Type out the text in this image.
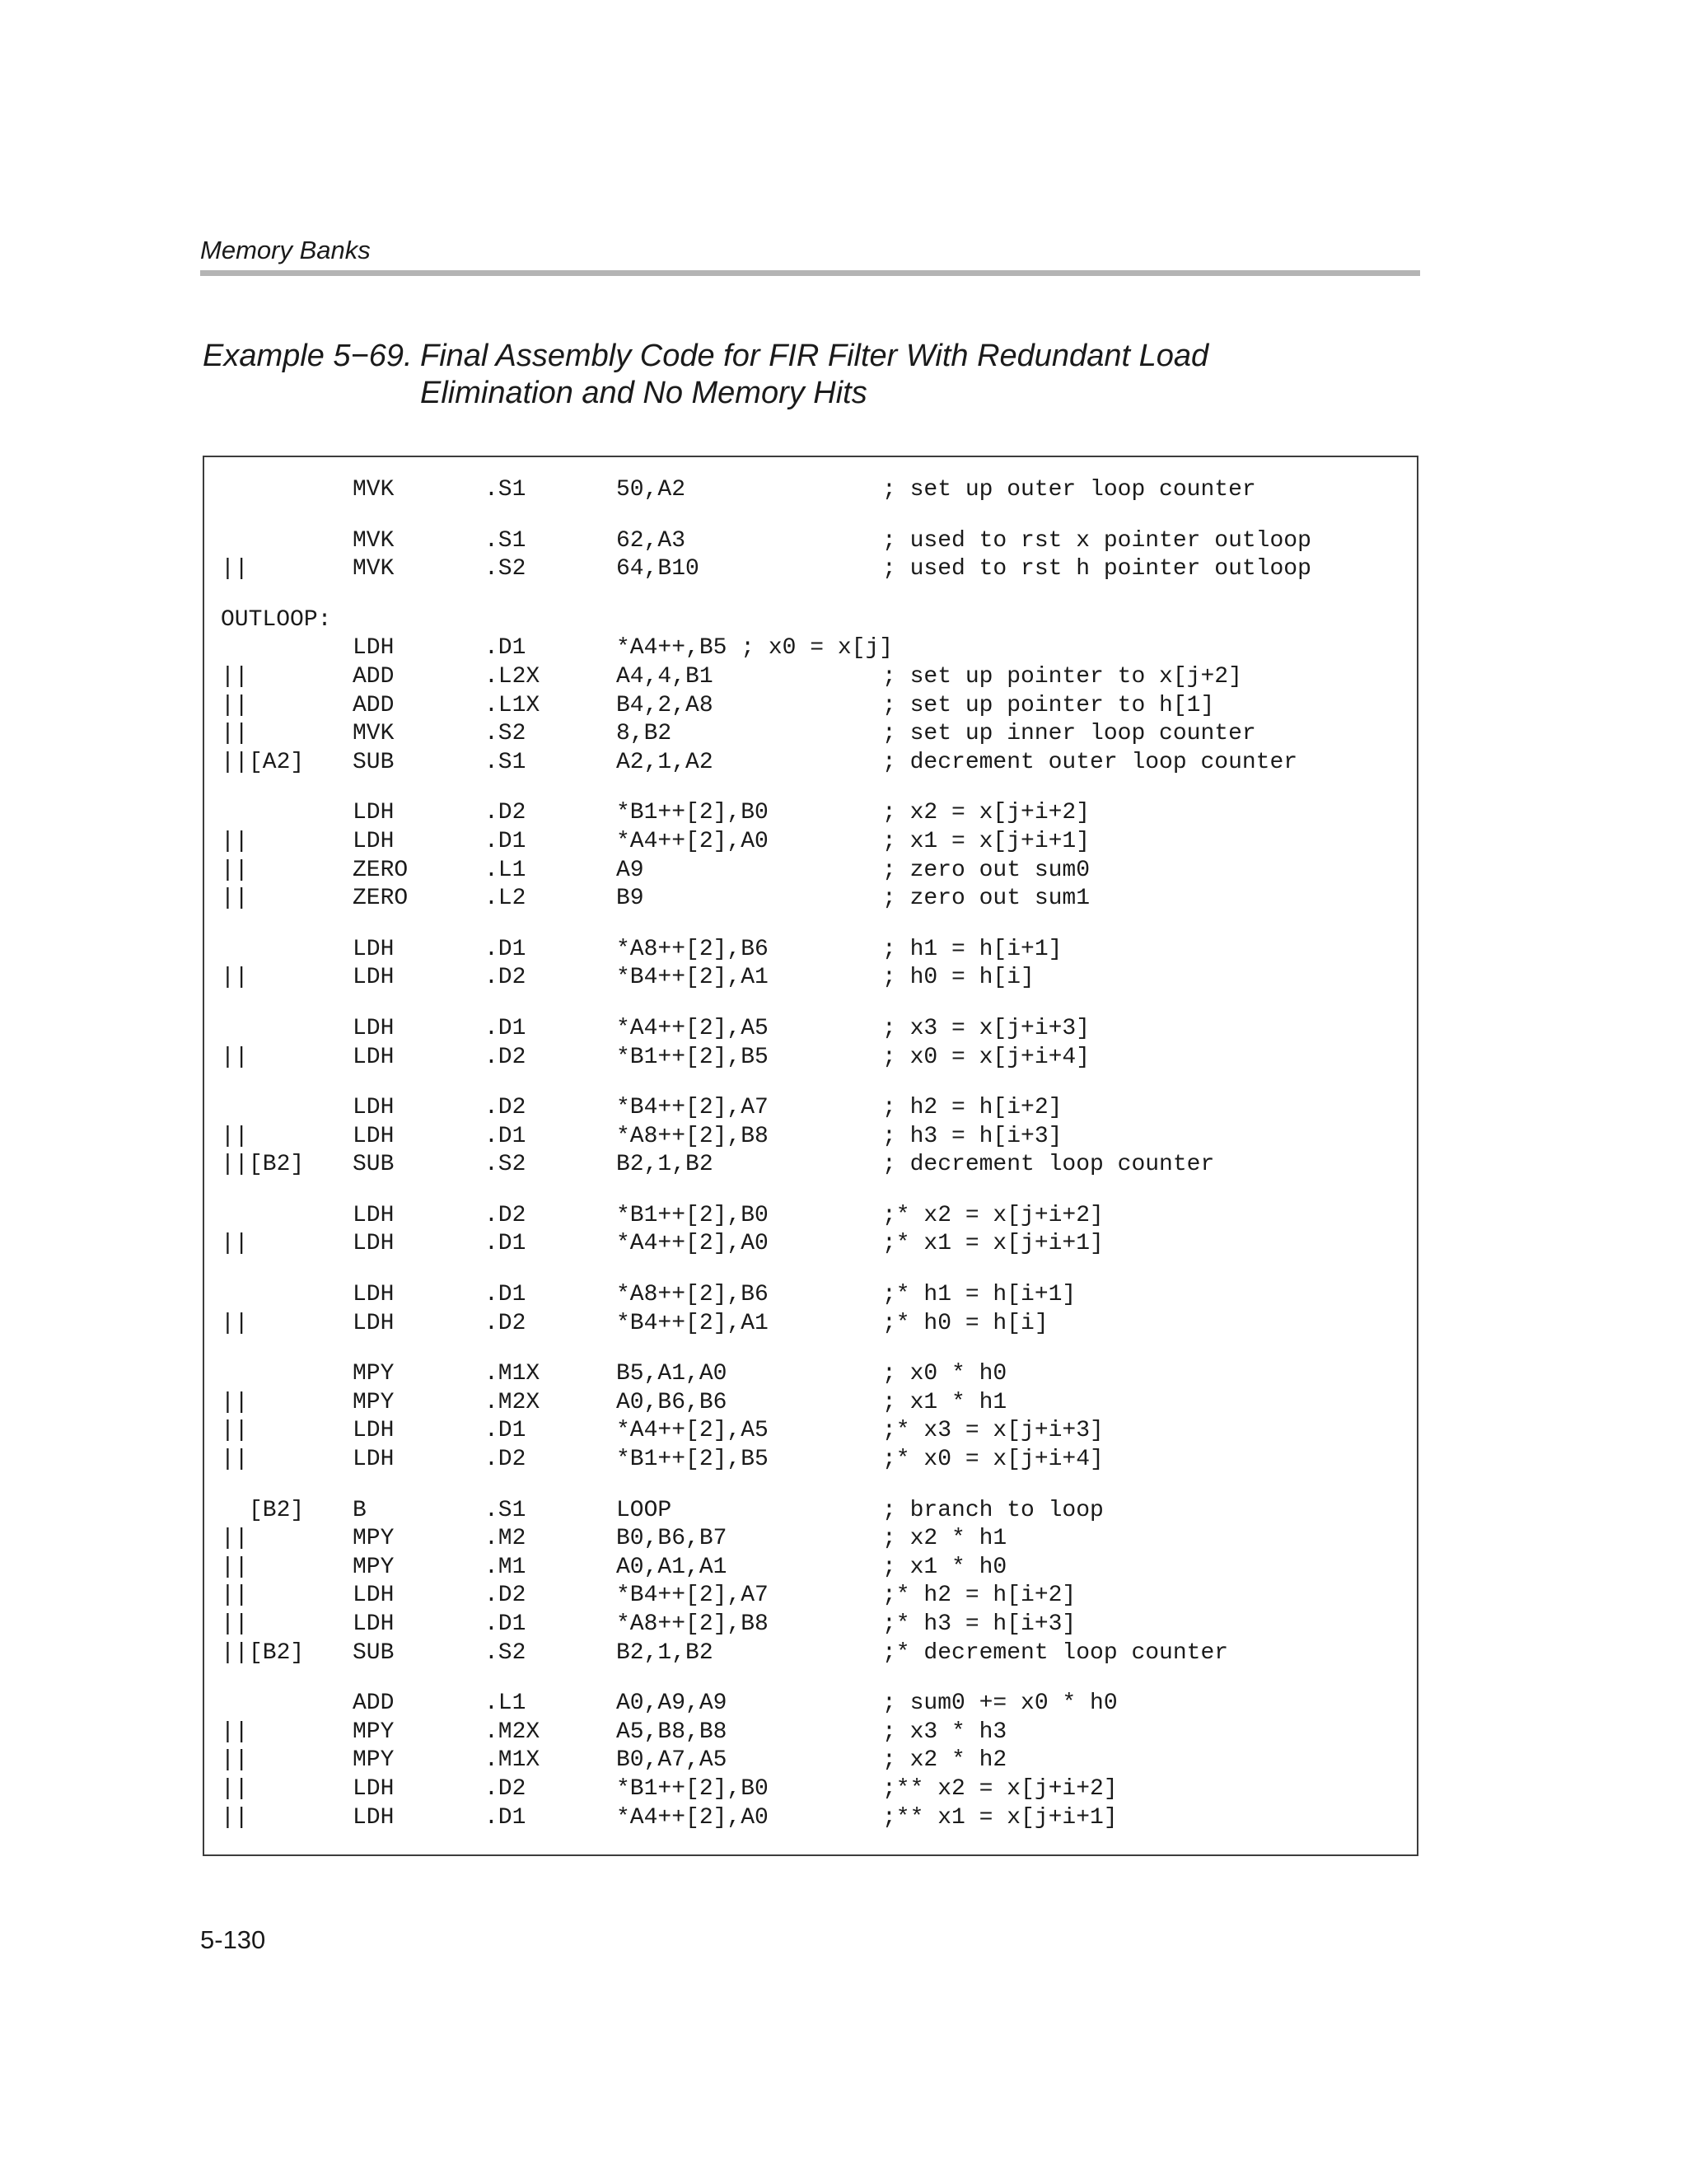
Memory Banks

Example 5−69. Final Assembly Code for FIR Filter With Redundant Load Elimination and No Memory Hits
MVK	.S1	50,A2	; set up outer loop counter
MVK	.S1	62,A3	; used to rst x pointer outloop
||	MVK	.S2	64,B10	; used to rst h pointer outloop
OUTLOOP:
LDH	.D1	*A4++,B5 ; x0 = x[j]
||	ADD	.L2X	A4,4,B1	; set up pointer to x[j+2]
||	ADD	.L1X	B4,2,A8	; set up pointer to h[1]
||	MVK	.S2	8,B2	; set up inner loop counter
|| [A2] SUB	.S1	A2,1,A2	; decrement outer loop counter
LDH	.D2	*B1++[2],B0	; x2 = x[j+i+2]
||	LDH	.D1	*A4++[2],A0	; x1 = x[j+i+1]
||	ZERO	.L1	A9	; zero out sum0
||	ZERO	.L2	B9	; zero out sum1
LDH	.D1	*A8++[2],B6	; h1 = h[i+1]
||	LDH	.D2	*B4++[2],A1	; h0 = h[i]
LDH	.D1	*A4++[2],A5	; x3 = x[j+i+3]
||	LDH	.D2	*B1++[2],B5	; x0 = x[j+i+4]
LDH	.D2	*B4++[2],A7	; h2 = h[i+2]
||	LDH	.D1	*A8++[2],B8	; h3 = h[i+3]
|| [B2] SUB	.S2	B2,1,B2	; decrement loop counter
LDH	.D2	*B1++[2],B0	;* x2 = x[j+i+2]
||	LDH	.D1	*A4++[2],A0	;* x1 = x[j+i+1]
LDH	.D1	*A8++[2],B6	;* h1 = h[i+1]
||	LDH	.D2	*B4++[2],A1	;* h0 = h[i]
MPY	.M1X	B5,A1,A0	; x0 * h0
||	MPY	.M2X	A0,B6,B6	; x1 * h1
||	LDH	.D1	*A4++[2],A5	;* x3 = x[j+i+3]
||	LDH	.D2	*B1++[2],B5	;* x0 = x[j+i+4]
[B2] B	.S1	LOOP	; branch to loop
||	MPY	.M2	B0,B6,B7	; x2 * h1
||	MPY	.M1	A0,A1,A1	; x1 * h0
||	LDH	.D2	*B4++[2],A7	;* h2 = h[i+2]
||	LDH	.D1	*A8++[2],B8	;* h3 = h[i+3]
|| [B2] SUB	.S2	B2,1,B2	;* decrement loop counter
ADD	.L1	A0,A9,A9	; sum0 += x0 * h0
||	MPY	.M2X	A5,B8,B8	; x3 * h3
||	MPY	.M1X	B0,A7,A5	; x2 * h2
||	LDH	.D2	*B1++[2],B0	;** x2 = x[j+i+2]
||	LDH	.D1	*A4++[2],A0	;** x1 = x[j+i+1]

5-130
